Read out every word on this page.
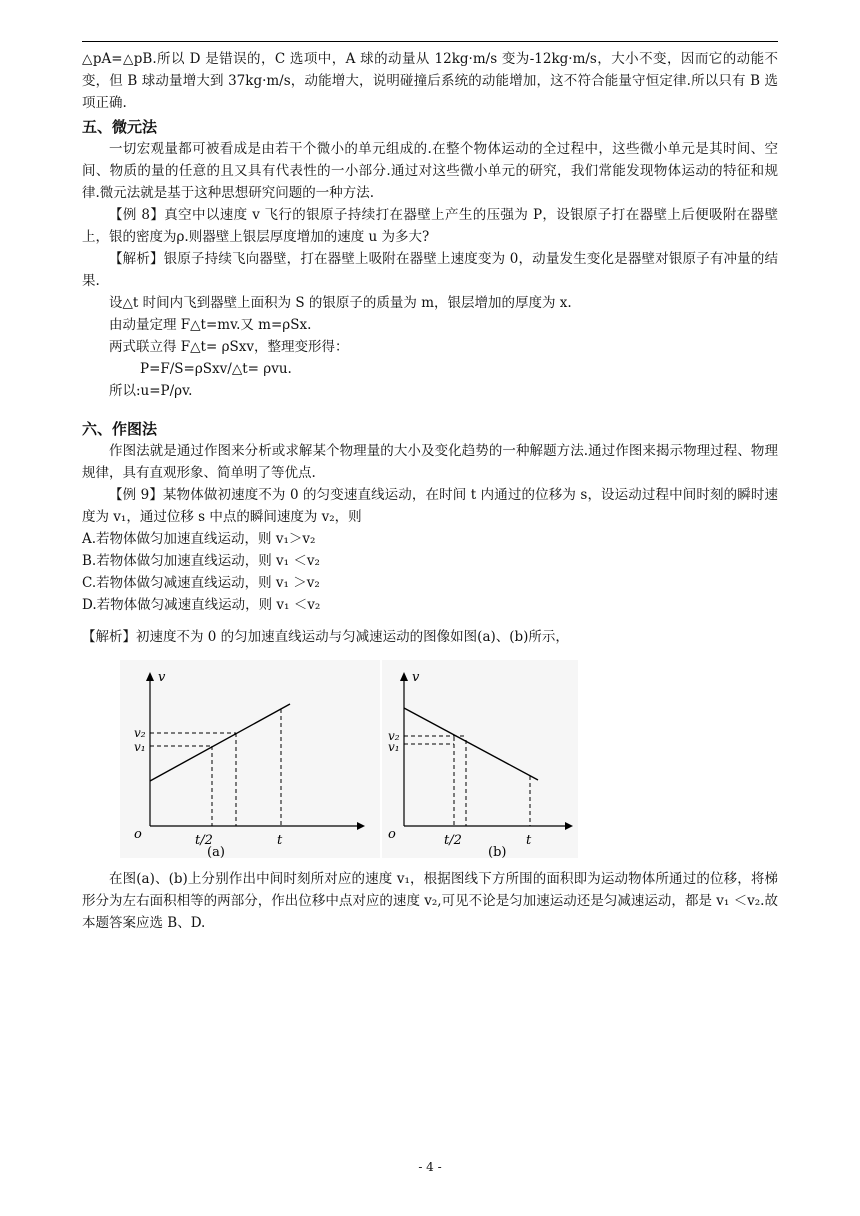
△pA=△pB.所以 D 是错误的，C 选项中，A 球的动量从 12kg·m/s 变为-12kg·m/s，大小不变，因而它的动能不变，但 B 球动量增大到 37kg·m/s，动能增大，说明碰撞后系统的动能增加，这不符合能量守恒定律.所以只有 B 选项正确.

五、微元法

一切宏观量都可被看成是由若干个微小的单元组成的.在整个物体运动的全过程中，这些微小单元是其时间、空间、物质的量的任意的且又具有代表性的一小部分.通过对这些微小单元的研究，我们常能发现物体运动的特征和规律.微元法就是基于这种思想研究问题的一种方法.

【例 8】真空中以速度 v 飞行的银原子持续打在器壁上产生的压强为 P，设银原子打在器壁上后便吸附在器壁上，银的密度为ρ.则器壁上银层厚度增加的速度 u 为多大?

【解析】银原子持续飞向器壁，打在器壁上吸附在器壁上速度变为 0，动量发生变化是器壁对银原子有冲量的结果.

设△t 时间内飞到器壁上面积为 S 的银原子的质量为 m，银层增加的厚度为 x.

由动量定理 F△t=mv.又 m=ρSx.

两式联立得 F△t= ρSxv，整理变形得：

P=F/S=ρSxv/△t= ρvu.

所以:u=P/ρv.

六、作图法

作图法就是通过作图来分析或求解某个物理量的大小及变化趋势的一种解题方法.通过作图来揭示物理过程、物理规律，具有直观形象、简单明了等优点.

【例 9】某物体做初速度不为 0 的匀变速直线运动，在时间 t 内通过的位移为 s，设运动过程中间时刻的瞬时速度为 v₁，通过位移 s 中点的瞬间速度为 v₂，则

A.若物体做匀加速直线运动，则 v₁＞v₂

B.若物体做匀加速直线运动，则 v₁ ＜v₂

C.若物体做匀减速直线运动，则 v₁ ＞v₂

D.若物体做匀减速直线运动，则 v₁ ＜v₂

【解析】初速度不为 0 的匀加速直线运动与匀减速运动的图像如图(a)、(b)所示，

v
o
v₂
v₁
t/2	t
(a)
v
o
v₂
v₁
t/2	t
(b)

在图(a)、(b)上分别作出中间时刻所对应的速度 v₁，根据图线下方所围的面积即为运动物体所通过的位移，将梯形分为左右面积相等的两部分，作出位移中点对应的速度 v₂,可见不论是匀加速运动还是匀减速运动，都是 v₁ ＜v₂.故本题答案应选 B、D.

- 4 -
